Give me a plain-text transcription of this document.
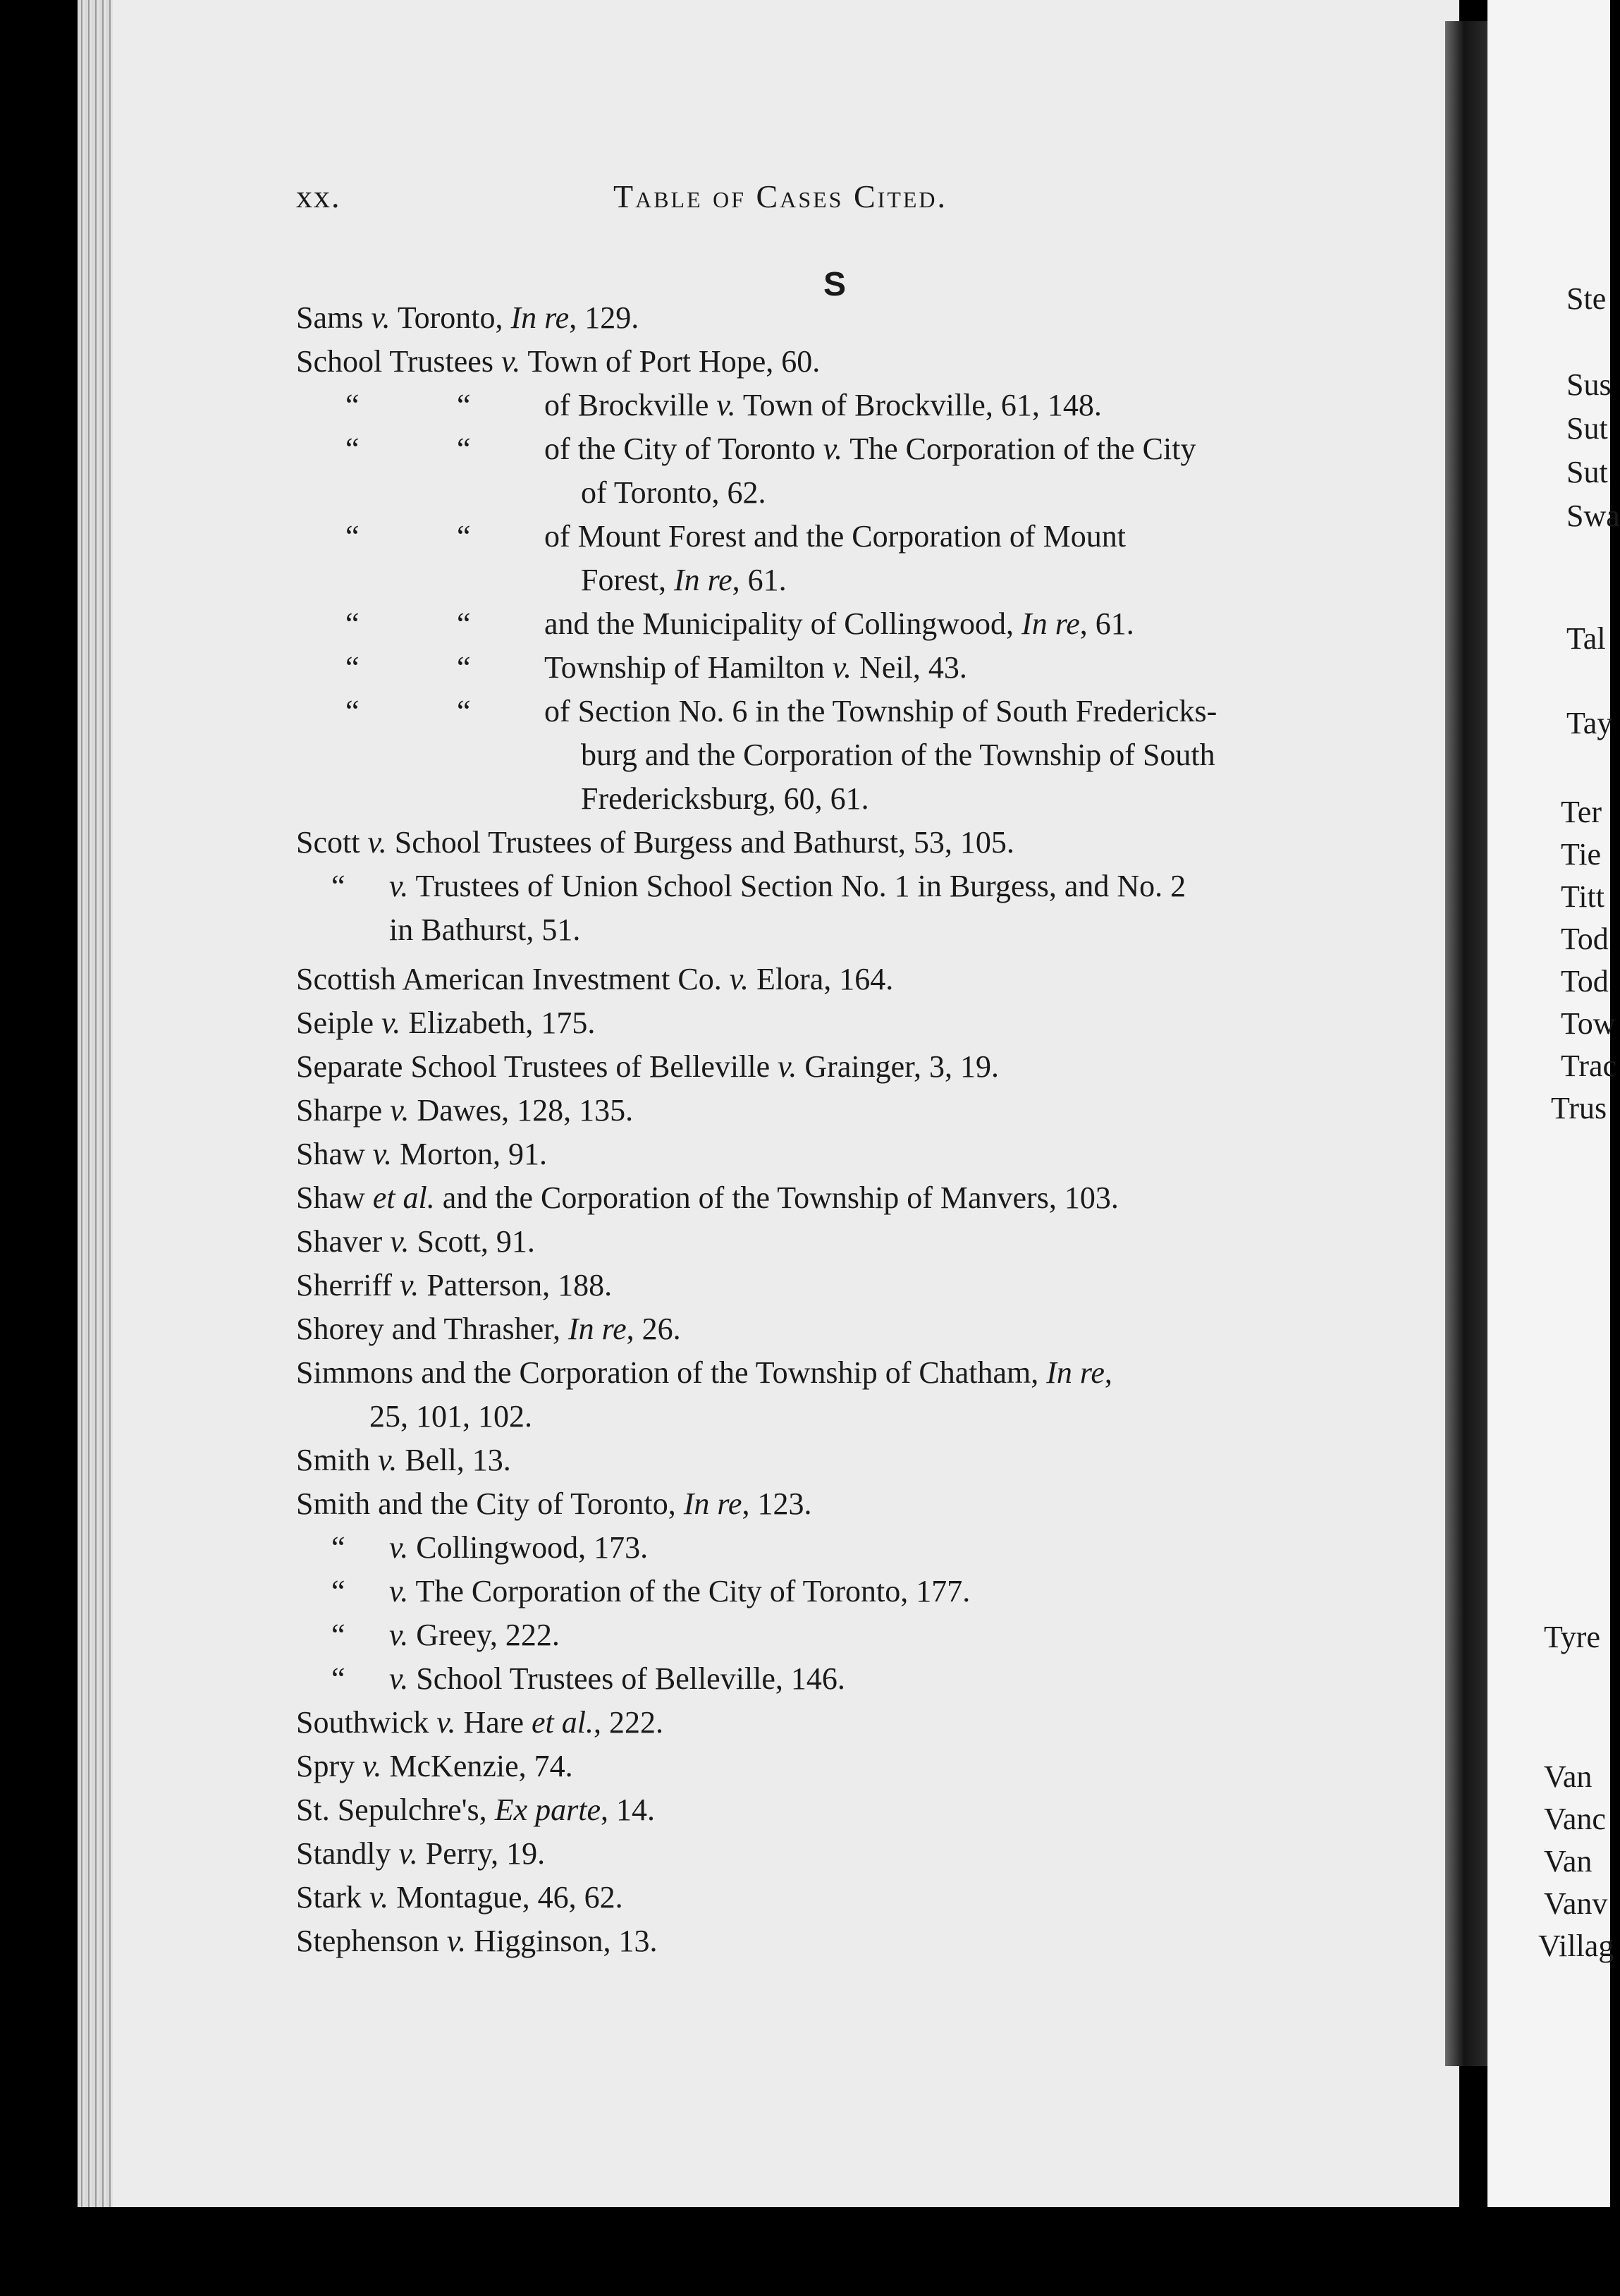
Ste
Sus
Sut
Sut
Swa
Tal
Tay
Ter
Tie
Titt
Tod
Tod
Tow
Trac
Trus
Tyre
Van
Vanc
Van
Vanv
Villag
xx.	Table of Cases Cited.
S
Sams v. Toronto, In re, 129.
School Trustees v. Town of Port Hope, 60.
“	“ of Brockville v. Town of Brockville, 61, 148.
“	“ of the City of Toronto v. The Corporation of the City
of Toronto, 62.
“	“ of Mount Forest and the Corporation of Mount
Forest, In re, 61.
“	“ and the Municipality of Collingwood, In re, 61.
“	“ Township of Hamilton v. Neil, 43.
“	“ of Section No. 6 in the Township of South Fredericks-
burg and the Corporation of the Township of South
Fredericksburg, 60, 61.
Scott v. School Trustees of Burgess and Bathurst, 53, 105.
“ v. Trustees of Union School Section No. 1 in Burgess, and No. 2
in Bathurst, 51.
Scottish American Investment Co. v. Elora, 164.
Seiple v. Elizabeth, 175.
Separate School Trustees of Belleville v. Grainger, 3, 19.
Sharpe v. Dawes, 128, 135.
Shaw v. Morton, 91.
Shaw et al. and the Corporation of the Township of Manvers, 103.
Shaver v. Scott, 91.
Sherriff v. Patterson, 188.
Shorey and Thrasher, In re, 26.
Simmons and the Corporation of the Township of Chatham, In re,
25, 101, 102.
Smith v. Bell, 13.
Smith and the City of Toronto, In re, 123.
“ v. Collingwood, 173.
“ v. The Corporation of the City of Toronto, 177.
“ v. Greey, 222.
“ v. School Trustees of Belleville, 146.
Southwick v. Hare et al., 222.
Spry v. McKenzie, 74.
St. Sepulchre's, Ex parte, 14.
Standly v. Perry, 19.
Stark v. Montague, 46, 62.
Stephenson v. Higginson, 13.
